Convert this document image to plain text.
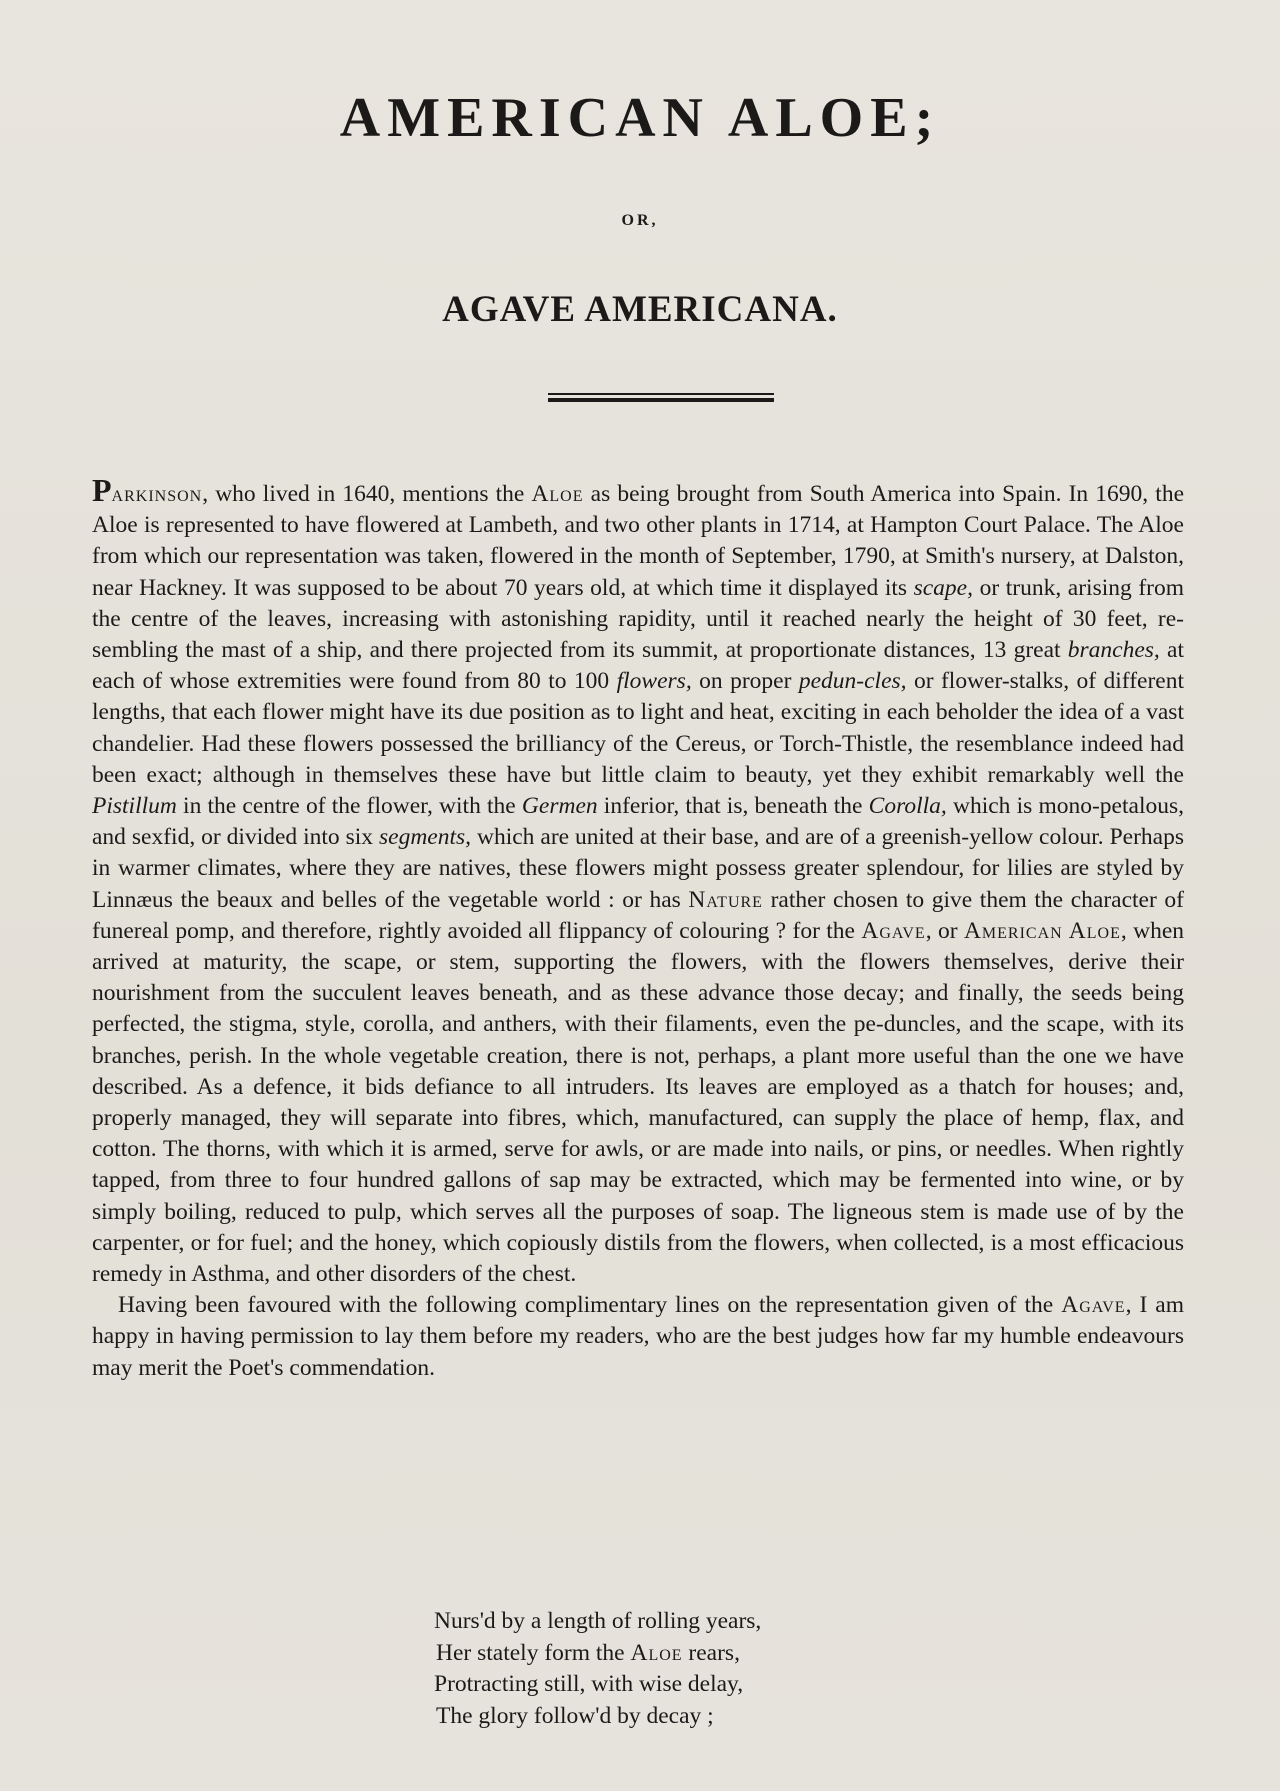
AMERICAN ALOE;
OR,
AGAVE AMERICANA.

Parkinson, who lived in 1640, mentions the Aloe as being brought from South America into Spain. In 1690, the Aloe is represented to have flowered at Lambeth, and two other plants in 1714, at Hampton Court Palace. The Aloe from which our representation was taken, flowered in the month of September, 1790, at Smith's nursery, at Dalston, near Hackney. It was supposed to be about 70 years old, at which time it displayed its scape, or trunk, arising from the centre of the leaves, increasing with astonishing rapidity, until it reached nearly the height of 30 feet, re-sembling the mast of a ship, and there projected from its summit, at proportionate distances, 13 great branches, at each of whose extremities were found from 80 to 100 flowers, on proper pedun-cles, or flower-stalks, of different lengths, that each flower might have its due position as to light and heat, exciting in each beholder the idea of a vast chandelier. Had these flowers possessed the brilliancy of the Cereus, or Torch-Thistle, the resemblance indeed had been exact; although in themselves these have but little claim to beauty, yet they exhibit remarkably well the Pistillum in the centre of the flower, with the Germen inferior, that is, beneath the Corolla, which is mono-petalous, and sexfid, or divided into six segments, which are united at their base, and are of a greenish-yellow colour. Perhaps in warmer climates, where they are natives, these flowers might possess greater splendour, for lilies are styled by Linnæus the beaux and belles of the vegetable world : or has Nature rather chosen to give them the character of funereal pomp, and therefore, rightly avoided all flippancy of colouring ? for the Agave, or American Aloe, when arrived at maturity, the scape, or stem, supporting the flowers, with the flowers themselves, derive their nourishment from the succulent leaves beneath, and as these advance those decay; and finally, the seeds being perfected, the stigma, style, corolla, and anthers, with their filaments, even the pe-duncles, and the scape, with its branches, perish. In the whole vegetable creation, there is not, perhaps, a plant more useful than the one we have described. As a defence, it bids defiance to all intruders. Its leaves are employed as a thatch for houses; and, properly managed, they will separate into fibres, which, manufactured, can supply the place of hemp, flax, and cotton. The thorns, with which it is armed, serve for awls, or are made into nails, or pins, or needles. When rightly tapped, from three to four hundred gallons of sap may be extracted, which may be fermented into wine, or by simply boiling, reduced to pulp, which serves all the purposes of soap. The ligneous stem is made use of by the carpenter, or for fuel; and the honey, which copiously distils from the flowers, when collected, is a most efficacious remedy in Asthma, and other disorders of the chest.

Having been favoured with the following complimentary lines on the representation given of the Agave, I am happy in having permission to lay them before my readers, who are the best judges how far my humble endeavours may merit the Poet's commendation.

Nurs'd by a length of rolling years,
Her stately form the Aloe rears,
Protracting still, with wise delay,
The glory follow'd by decay ;
